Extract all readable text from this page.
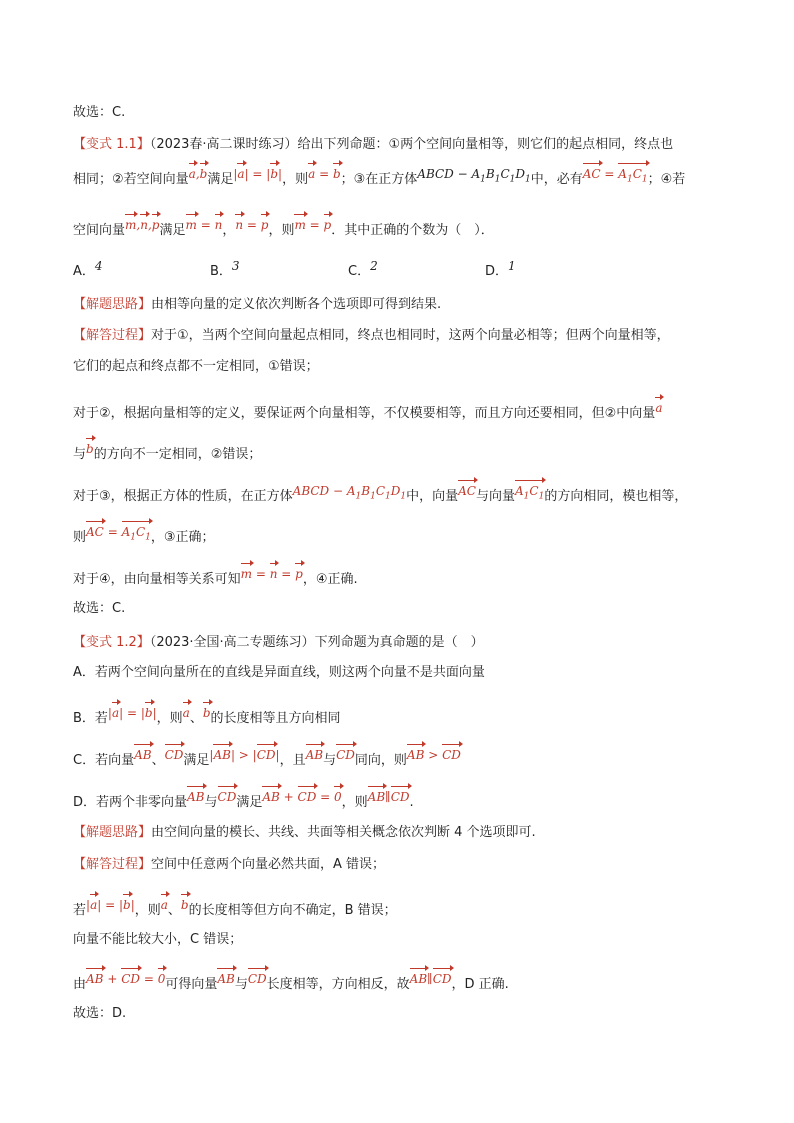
故选：C.
【变式 1.1】（2023春·高二课时练习）给出下列命题：①两个空间向量相等，则它们的起点相同，终点也
相同；②若空间向量a,b满足|a| = |b|，则a = b；③在正方体ABCD − $A_1B_1C_1D_1$中，必有AC = $A_1C_1$；④若
空间向量m,n,p满足m = n，n = p，则m = p．其中正确的个数为（　）．
A．4	B．3	C．2	D．1
【解题思路】由相等向量的定义依次判断各个选项即可得到结果.
【解答过程】对于①，当两个空间向量起点相同，终点也相同时，这两个向量必相等；但两个向量相等，
它们的起点和终点都不一定相同，①错误；
对于②，根据向量相等的定义，要保证两个向量相等，不仅模要相等，而且方向还要相同，但②中向量a
与b的方向不一定相同，②错误；
对于③，根据正方体的性质，在正方体ABCD − $A_1B_1C_1D_1$中，向量AC与向量$A_1C_1$的方向相同，模也相等，
则AC = $A_1C_1$，③正确；
对于④，由向量相等关系可知m = n = p，④正确.
故选：C.
【变式 1.2】（2023·全国·高二专题练习）下列命题为真命题的是（　）
A．若两个空间向量所在的直线是异面直线，则这两个向量不是共面向量
B．若|a| = |b|，则a、b的长度相等且方向相同
C．若向量AB、CD满足|AB| > |CD|，且AB与CD同向，则AB > CD
D．若两个非零向量AB与CD满足AB + CD = 0，则AB∥CD.
【解题思路】由空间向量的模长、共线、共面等相关概念依次判断 4 个选项即可.
【解答过程】空间中任意两个向量必然共面，A 错误；
若|a| = |b|，则a、b的长度相等但方向不确定，B 错误；
向量不能比较大小，C 错误；
由AB + CD = 0可得向量AB与CD长度相等，方向相反，故AB∥CD，D 正确.
故选：D.
